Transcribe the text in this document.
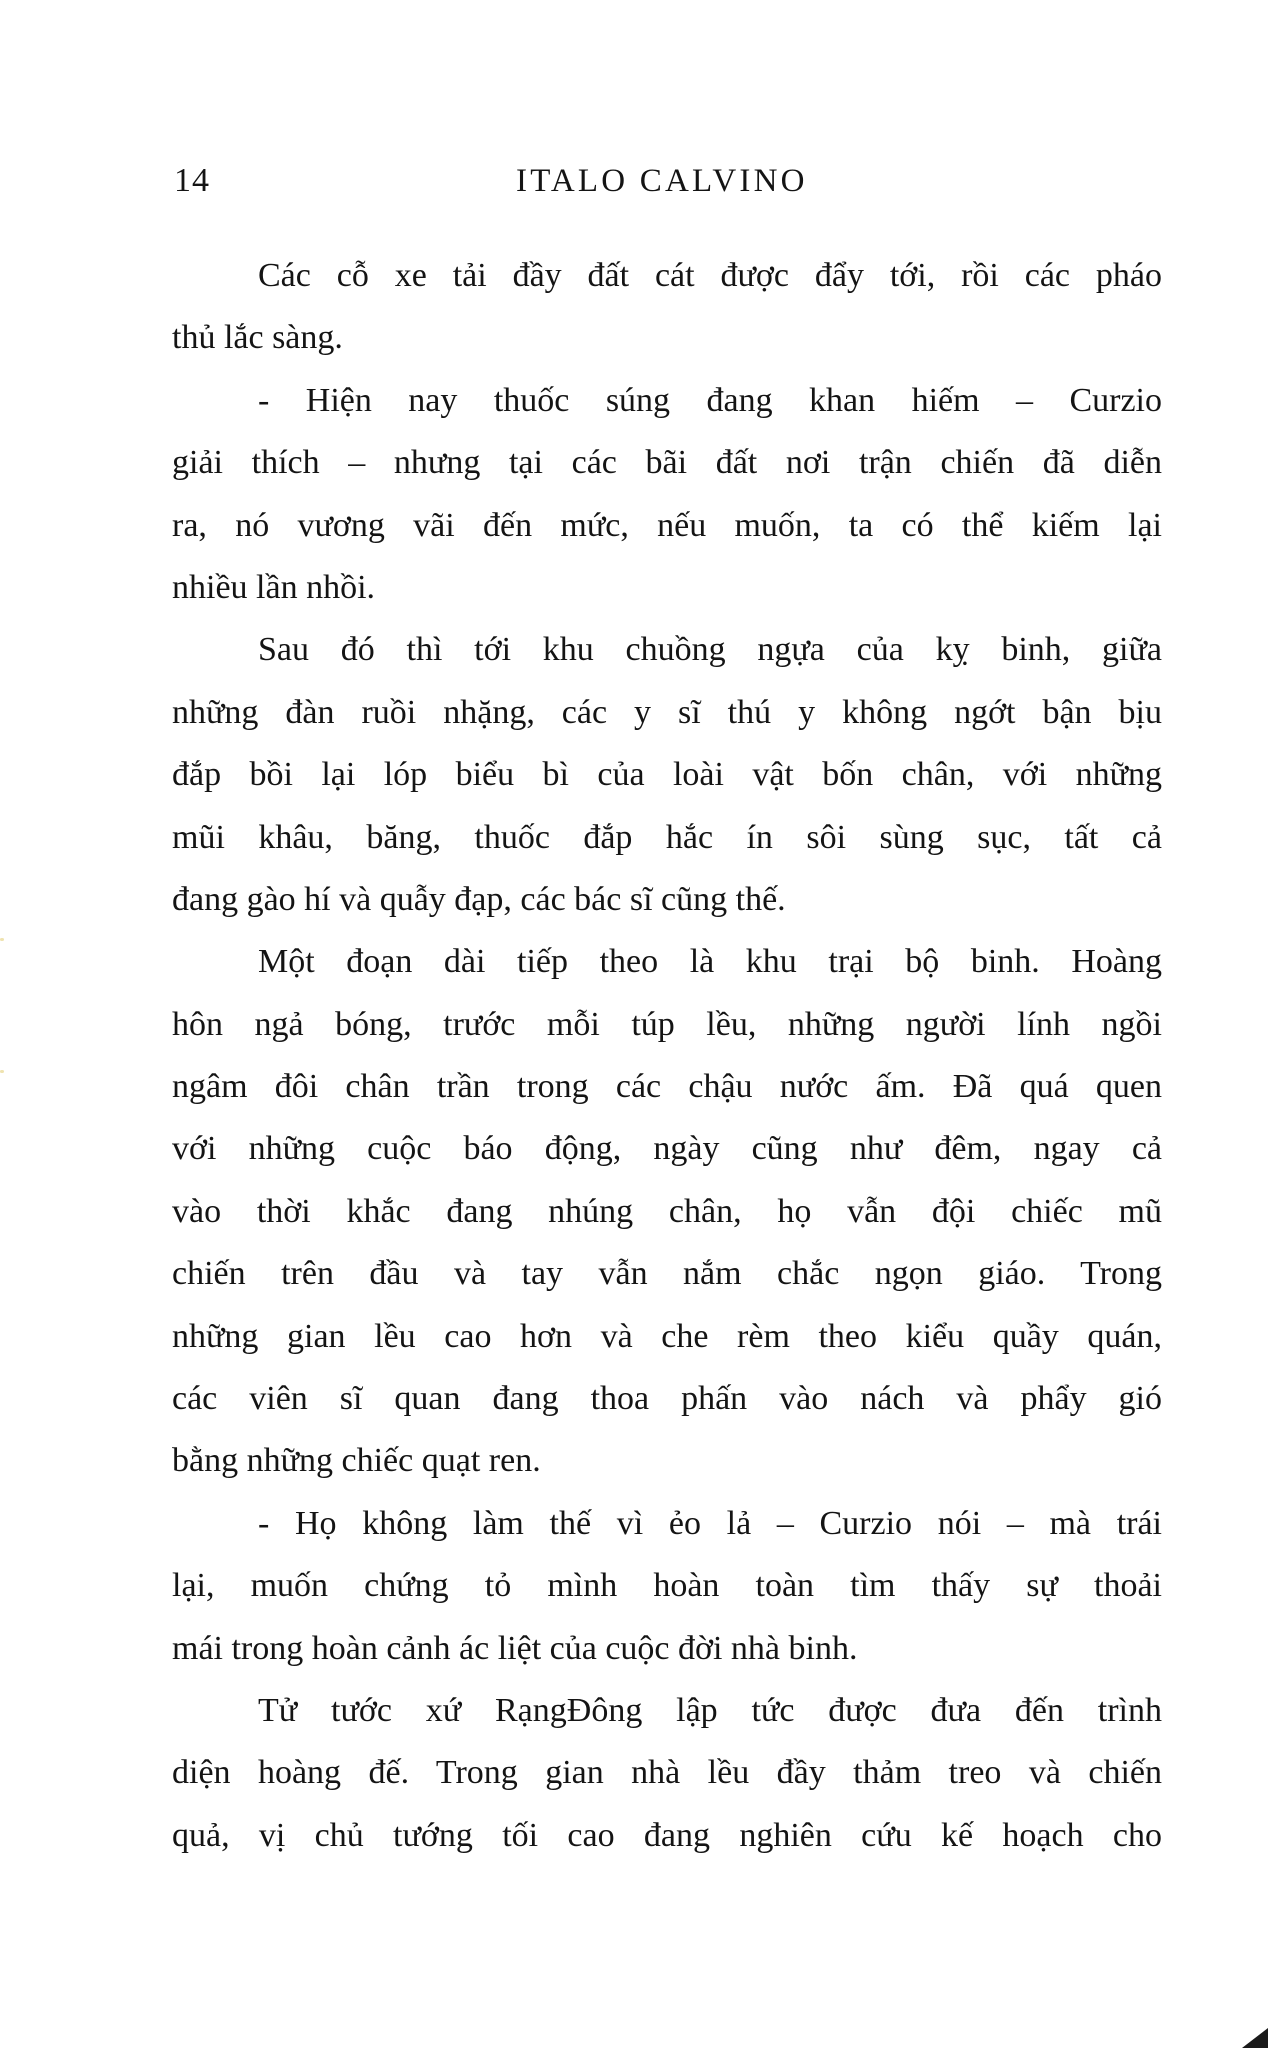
14	ITALO CALVINO
Các cỗ xe tải đầy đất cát được đẩy tới, rồi các pháo
thủ lắc sàng.
- Hiện nay thuốc súng đang khan hiếm – Curzio
giải thích – nhưng tại các bãi đất nơi trận chiến đã diễn
ra, nó vương vãi đến mức, nếu muốn, ta có thể kiếm lại
nhiều lần nhồi.
Sau đó thì tới khu chuồng ngựa của kỵ binh, giữa
những đàn ruồi nhặng, các y sĩ thú y không ngớt bận bịu
đắp bồi lại lóp biểu bì của loài vật bốn chân, với những
mũi khâu, băng, thuốc đắp hắc ín sôi sùng sục, tất cả
đang gào hí và quẫy đạp, các bác sĩ cũng thế.
Một đoạn dài tiếp theo là khu trại bộ binh. Hoàng
hôn ngả bóng, trước mỗi túp lều, những người lính ngồi
ngâm đôi chân trần trong các chậu nước ấm. Đã quá quen
với những cuộc báo động, ngày cũng như đêm, ngay cả
vào thời khắc đang nhúng chân, họ vẫn đội chiếc mũ
chiến trên đầu và tay vẫn nắm chắc ngọn giáo. Trong
những gian lều cao hơn và che rèm theo kiểu quầy quán,
các viên sĩ quan đang thoa phấn vào nách và phẩy gió
bằng những chiếc quạt ren.
- Họ không làm thế vì ẻo lả – Curzio nói – mà trái
lại, muốn chứng tỏ mình hoàn toàn tìm thấy sự thoải
mái trong hoàn cảnh ác liệt của cuộc đời nhà binh.
Tử tước xứ RạngĐông lập tức được đưa đến trình
diện hoàng đế. Trong gian nhà lều đầy thảm treo và chiến
quả, vị chủ tướng tối cao đang nghiên cứu kế hoạch cho
